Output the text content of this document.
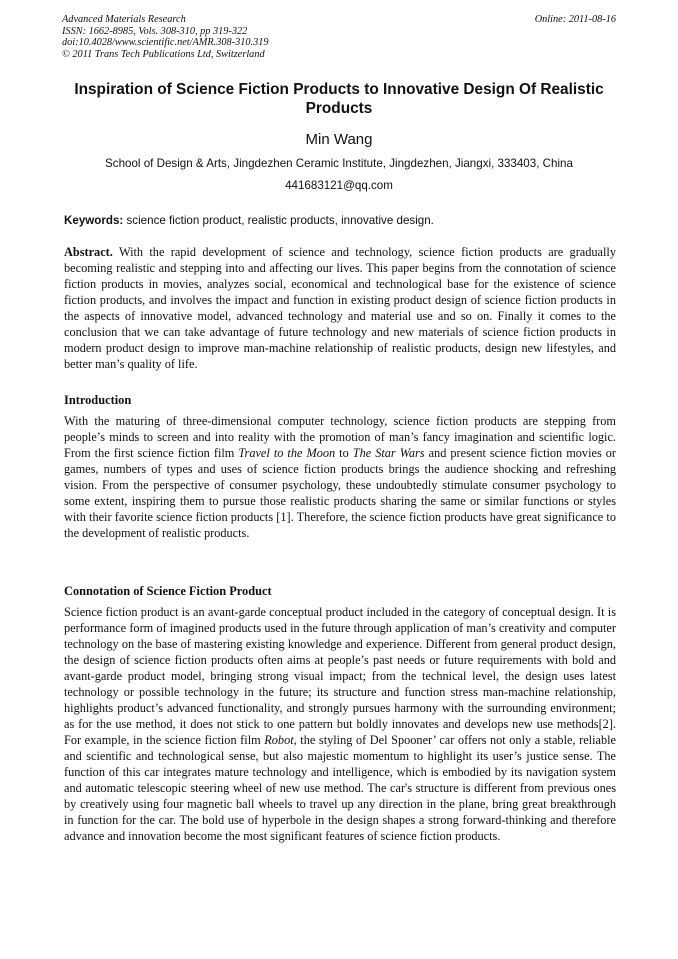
Advanced Materials Research
ISSN: 1662-8985, Vols. 308-310, pp 319-322
doi:10.4028/www.scientific.net/AMR.308-310.319
© 2011 Trans Tech Publications Ltd, Switzerland
Online: 2011-08-16
Inspiration of Science Fiction Products to Innovative Design Of Realistic Products
Min Wang
School of Design & Arts, Jingdezhen Ceramic Institute, Jingdezhen, Jiangxi, 333403, China
441683121@qq.com
Keywords: science fiction product, realistic products, innovative design.
Abstract. With the rapid development of science and technology, science fiction products are gradually becoming realistic and stepping into and affecting our lives. This paper begins from the connotation of science fiction products in movies, analyzes social, economical and technological base for the existence of science fiction products, and involves the impact and function in existing product design of science fiction products in the aspects of innovative model, advanced technology and material use and so on. Finally it comes to the conclusion that we can take advantage of future technology and new materials of science fiction products in modern product design to improve man-machine relationship of realistic products, design new lifestyles, and better man’s quality of life.
Introduction
With the maturing of three-dimensional computer technology, science fiction products are stepping from people’s minds to screen and into reality with the promotion of man’s fancy imagination and scientific logic. From the first science fiction film Travel to the Moon to The Star Wars and present science fiction movies or games, numbers of types and uses of science fiction products brings the audience shocking and refreshing vision. From the perspective of consumer psychology, these undoubtedly stimulate consumer psychology to some extent, inspiring them to pursue those realistic products sharing the same or similar functions or styles with their favorite science fiction products [1]. Therefore, the science fiction products have great significance to the development of realistic products.
Connotation of Science Fiction Product
Science fiction product is an avant-garde conceptual product included in the category of conceptual design. It is performance form of imagined products used in the future through application of man’s creativity and computer technology on the base of mastering existing knowledge and experience. Different from general product design, the design of science fiction products often aims at people’s past needs or future requirements with bold and avant-garde product model, bringing strong visual impact; from the technical level, the design uses latest technology or possible technology in the future; its structure and function stress man-machine relationship, highlights product’s advanced functionality, and strongly pursues harmony with the surrounding environment; as for the use method, it does not stick to one pattern but boldly innovates and develops new use methods[2]. For example, in the science fiction film Robot, the styling of Del Spooner’ car offers not only a stable, reliable and scientific and technological sense, but also majestic momentum to highlight its user’s justice sense. The function of this car integrates mature technology and intelligence, which is embodied by its navigation system and automatic telescopic steering wheel of new use method. The car's structure is different from previous ones by creatively using four magnetic ball wheels to travel up any direction in the plane, bring great breakthrough in function for the car. The bold use of hyperbole in the design shapes a strong forward-thinking and therefore advance and innovation become the most significant features of science fiction products.
